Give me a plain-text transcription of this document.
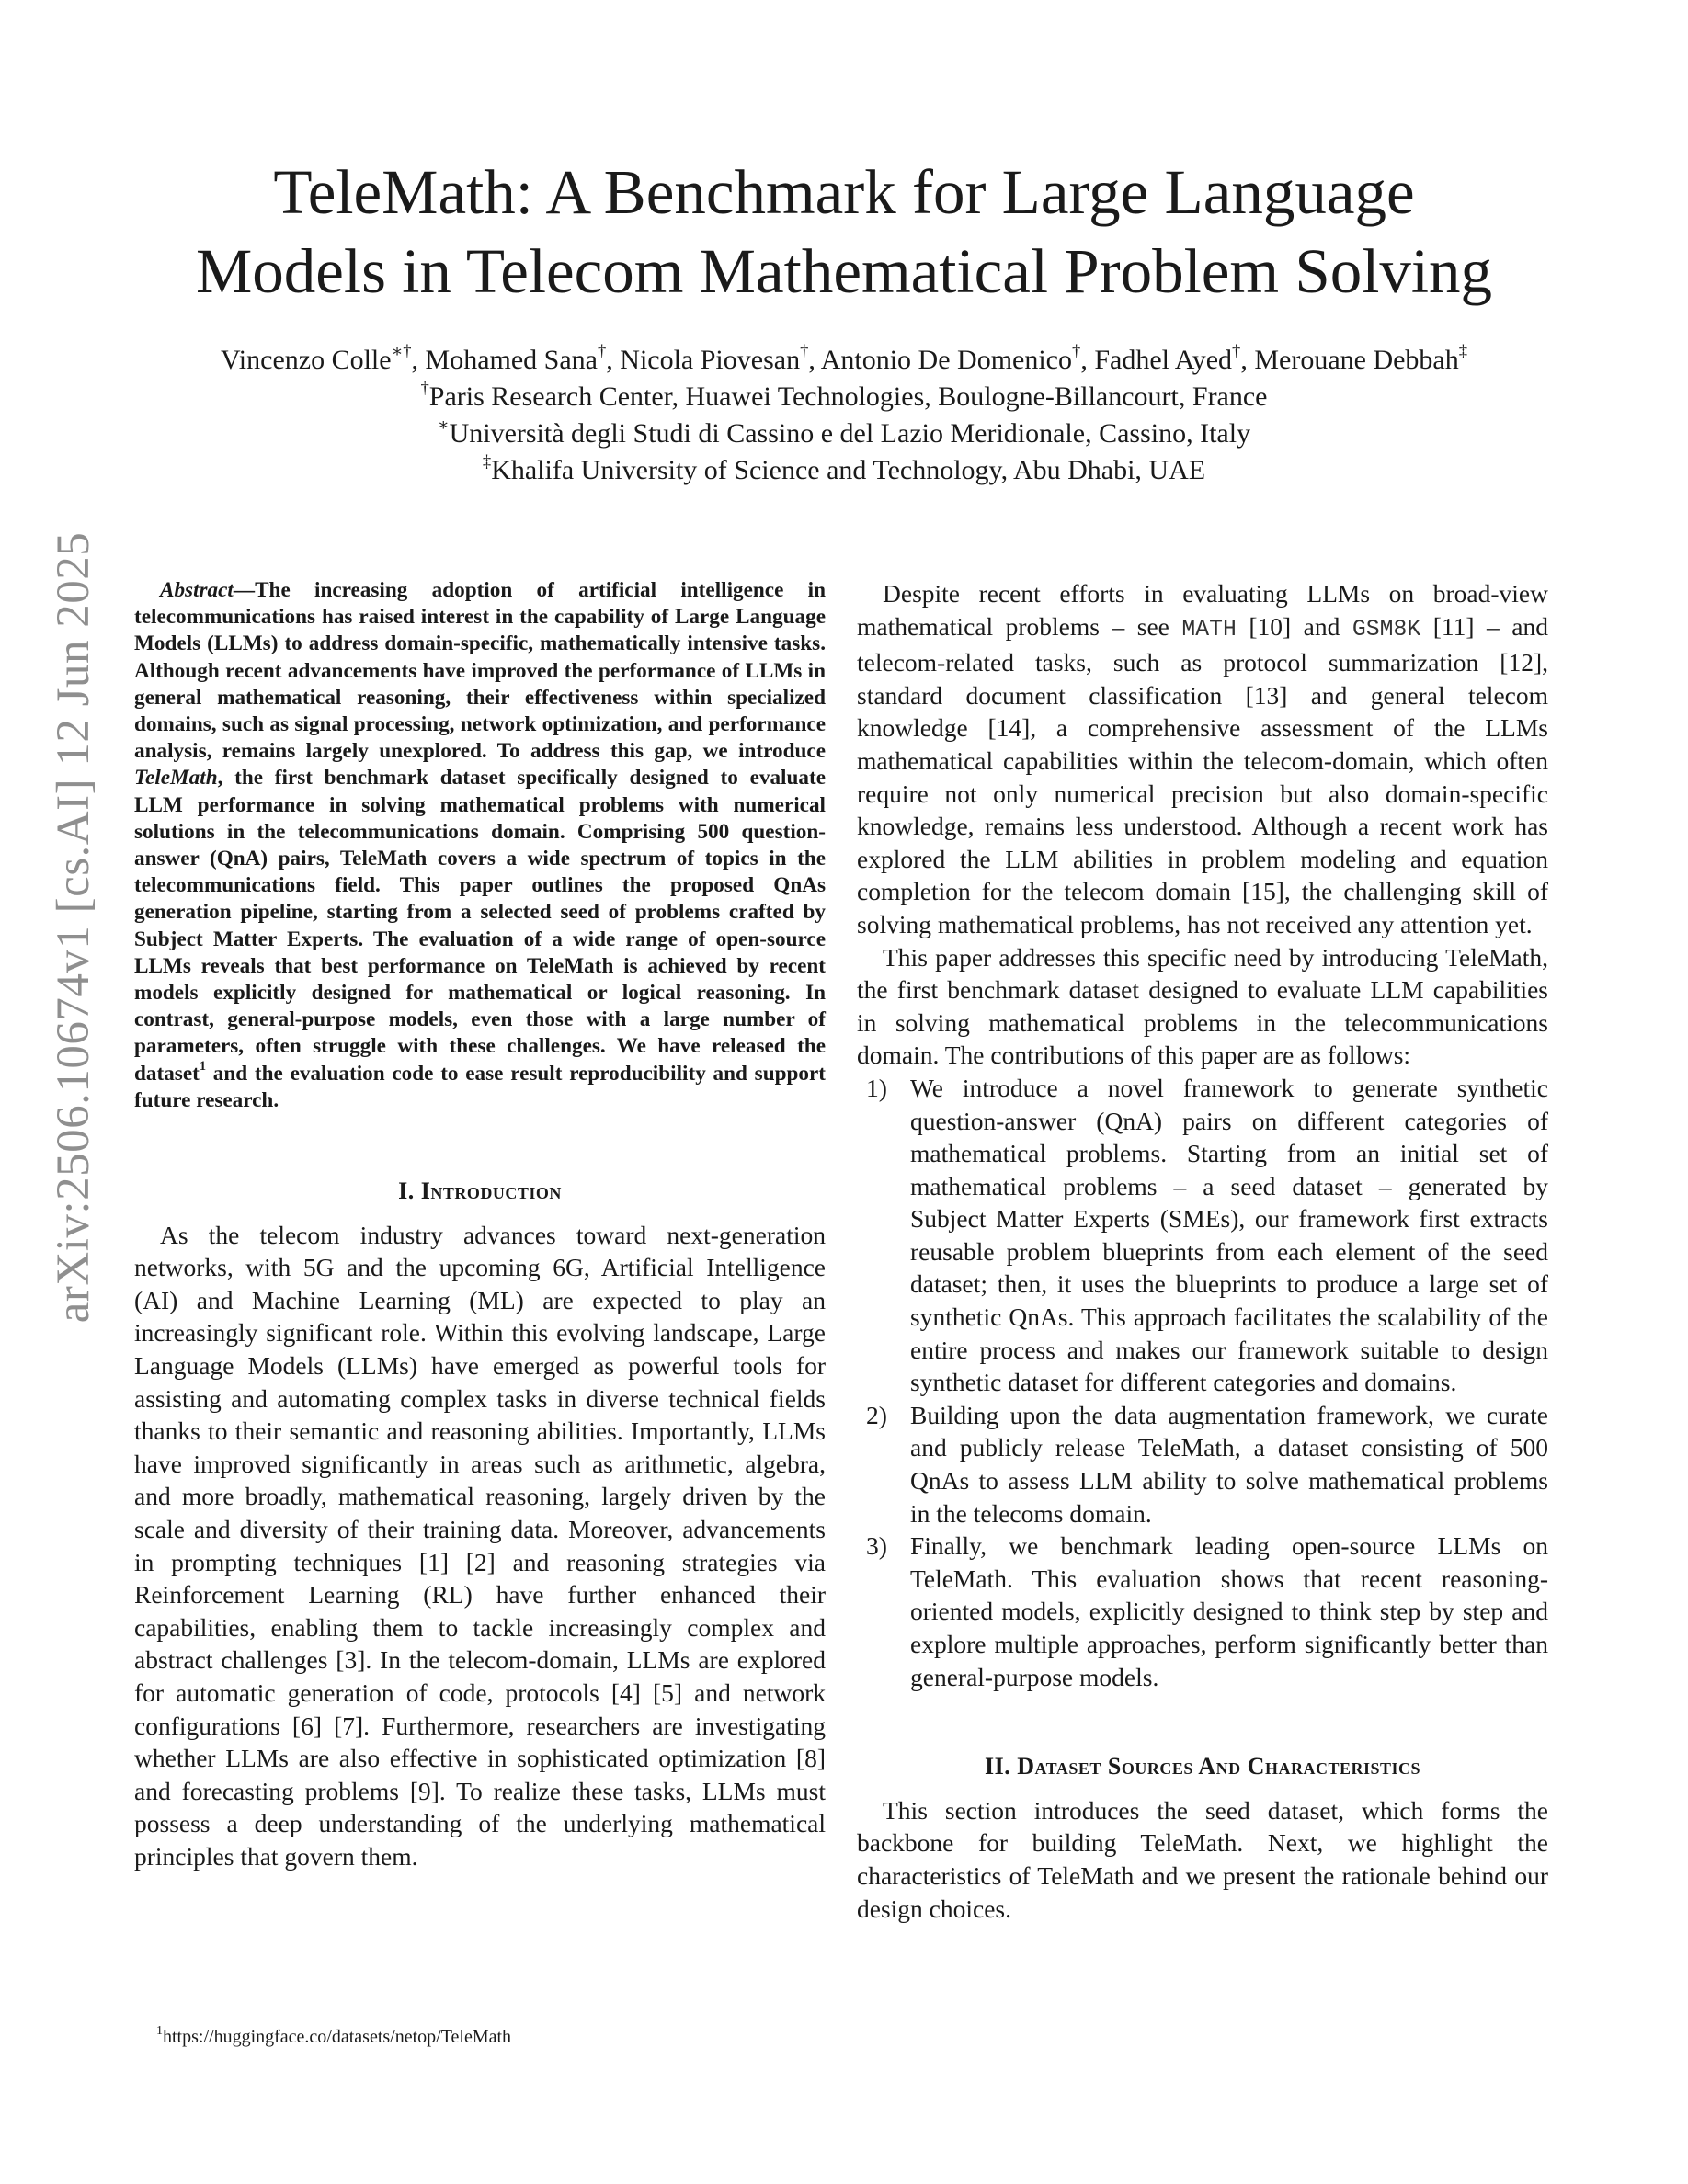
arXiv:2506.10674v1 [cs.AI] 12 Jun 2025
TeleMath: A Benchmark for Large Language
Models in Telecom Mathematical Problem Solving
Vincenzo Colle∗†, Mohamed Sana†, Nicola Piovesan†, Antonio De Domenico†, Fadhel Ayed†, Merouane Debbah‡
†Paris Research Center, Huawei Technologies, Boulogne-Billancourt, France
∗Università degli Studi di Cassino e del Lazio Meridionale, Cassino, Italy
‡Khalifa University of Science and Technology, Abu Dhabi, UAE

Abstract—The increasing adoption of artificial intelligence in telecommunications has raised interest in the capability of Large Language Models (LLMs) to address domain-specific, mathematically intensive tasks. Although recent advancements have improved the performance of LLMs in general mathematical reasoning, their effectiveness within specialized domains, such as signal processing, network optimization, and performance analysis, remains largely unexplored. To address this gap, we introduce TeleMath, the first benchmark dataset specifically designed to evaluate LLM performance in solving mathematical problems with numerical solutions in the telecommunications domain. Comprising 500 question-answer (QnA) pairs, TeleMath covers a wide spectrum of topics in the telecommunications field. This paper outlines the proposed QnAs generation pipeline, starting from a selected seed of problems crafted by Subject Matter Experts. The evaluation of a wide range of open-source LLMs reveals that best performance on TeleMath is achieved by recent models explicitly designed for mathematical or logical reasoning. In contrast, general-purpose models, even those with a large number of parameters, often struggle with these challenges. We have released the dataset$^1$ and the evaluation code to ease result reproducibility and support future research.

I. Introduction

As the telecom industry advances toward next-generation networks, with 5G and the upcoming 6G, Artificial Intelligence (AI) and Machine Learning (ML) are expected to play an increasingly significant role. Within this evolving landscape, Large Language Models (LLMs) have emerged as powerful tools for assisting and automating complex tasks in diverse technical fields thanks to their semantic and reasoning abilities. Importantly, LLMs have improved significantly in areas such as arithmetic, algebra, and more broadly, mathematical reasoning, largely driven by the scale and diversity of their training data. Moreover, advancements in prompting techniques [1] [2] and reasoning strategies via Reinforcement Learning (RL) have further enhanced their capabilities, enabling them to tackle increasingly complex and abstract challenges [3]. In the telecom-domain, LLMs are explored for automatic generation of code, protocols [4] [5] and network configurations [6] [7]. Furthermore, researchers are investigating whether LLMs are also effective in sophisticated optimization [8] and forecasting problems [9]. To realize these tasks, LLMs must possess a deep understanding of the underlying mathematical principles that govern them.

Despite recent efforts in evaluating LLMs on broad-view mathematical problems – see MATH [10] and GSM8K [11] – and telecom-related tasks, such as protocol summarization [12], standard document classification [13] and general telecom knowledge [14], a comprehensive assessment of the LLMs mathematical capabilities within the telecom-domain, which often require not only numerical precision but also domain-specific knowledge, remains less understood. Although a recent work has explored the LLM abilities in problem modeling and equation completion for the telecom domain [15], the challenging skill of solving mathematical problems, has not received any attention yet.

This paper addresses this specific need by introducing TeleMath, the first benchmark dataset designed to evaluate LLM capabilities in solving mathematical problems in the telecommunications domain. The contributions of this paper are as follows:

1) We introduce a novel framework to generate synthetic question-answer (QnA) pairs on different categories of mathematical problems. Starting from an initial set of mathematical problems – a seed dataset – generated by Subject Matter Experts (SMEs), our framework first extracts reusable problem blueprints from each element of the seed dataset; then, it uses the blueprints to produce a large set of synthetic QnAs. This approach facilitates the scalability of the entire process and makes our framework suitable to design synthetic dataset for different categories and domains.
2) Building upon the data augmentation framework, we curate and publicly release TeleMath, a dataset consisting of 500 QnAs to assess LLM ability to solve mathematical problems in the telecoms domain.
3) Finally, we benchmark leading open-source LLMs on TeleMath. This evaluation shows that recent reasoning-oriented models, explicitly designed to think step by step and explore multiple approaches, perform significantly better than general-purpose models.
II. Dataset Sources And Characteristics

This section introduces the seed dataset, which forms the backbone for building TeleMath. Next, we highlight the characteristics of TeleMath and we present the rationale behind our design choices.

$^1$https://huggingface.co/datasets/netop/TeleMath
